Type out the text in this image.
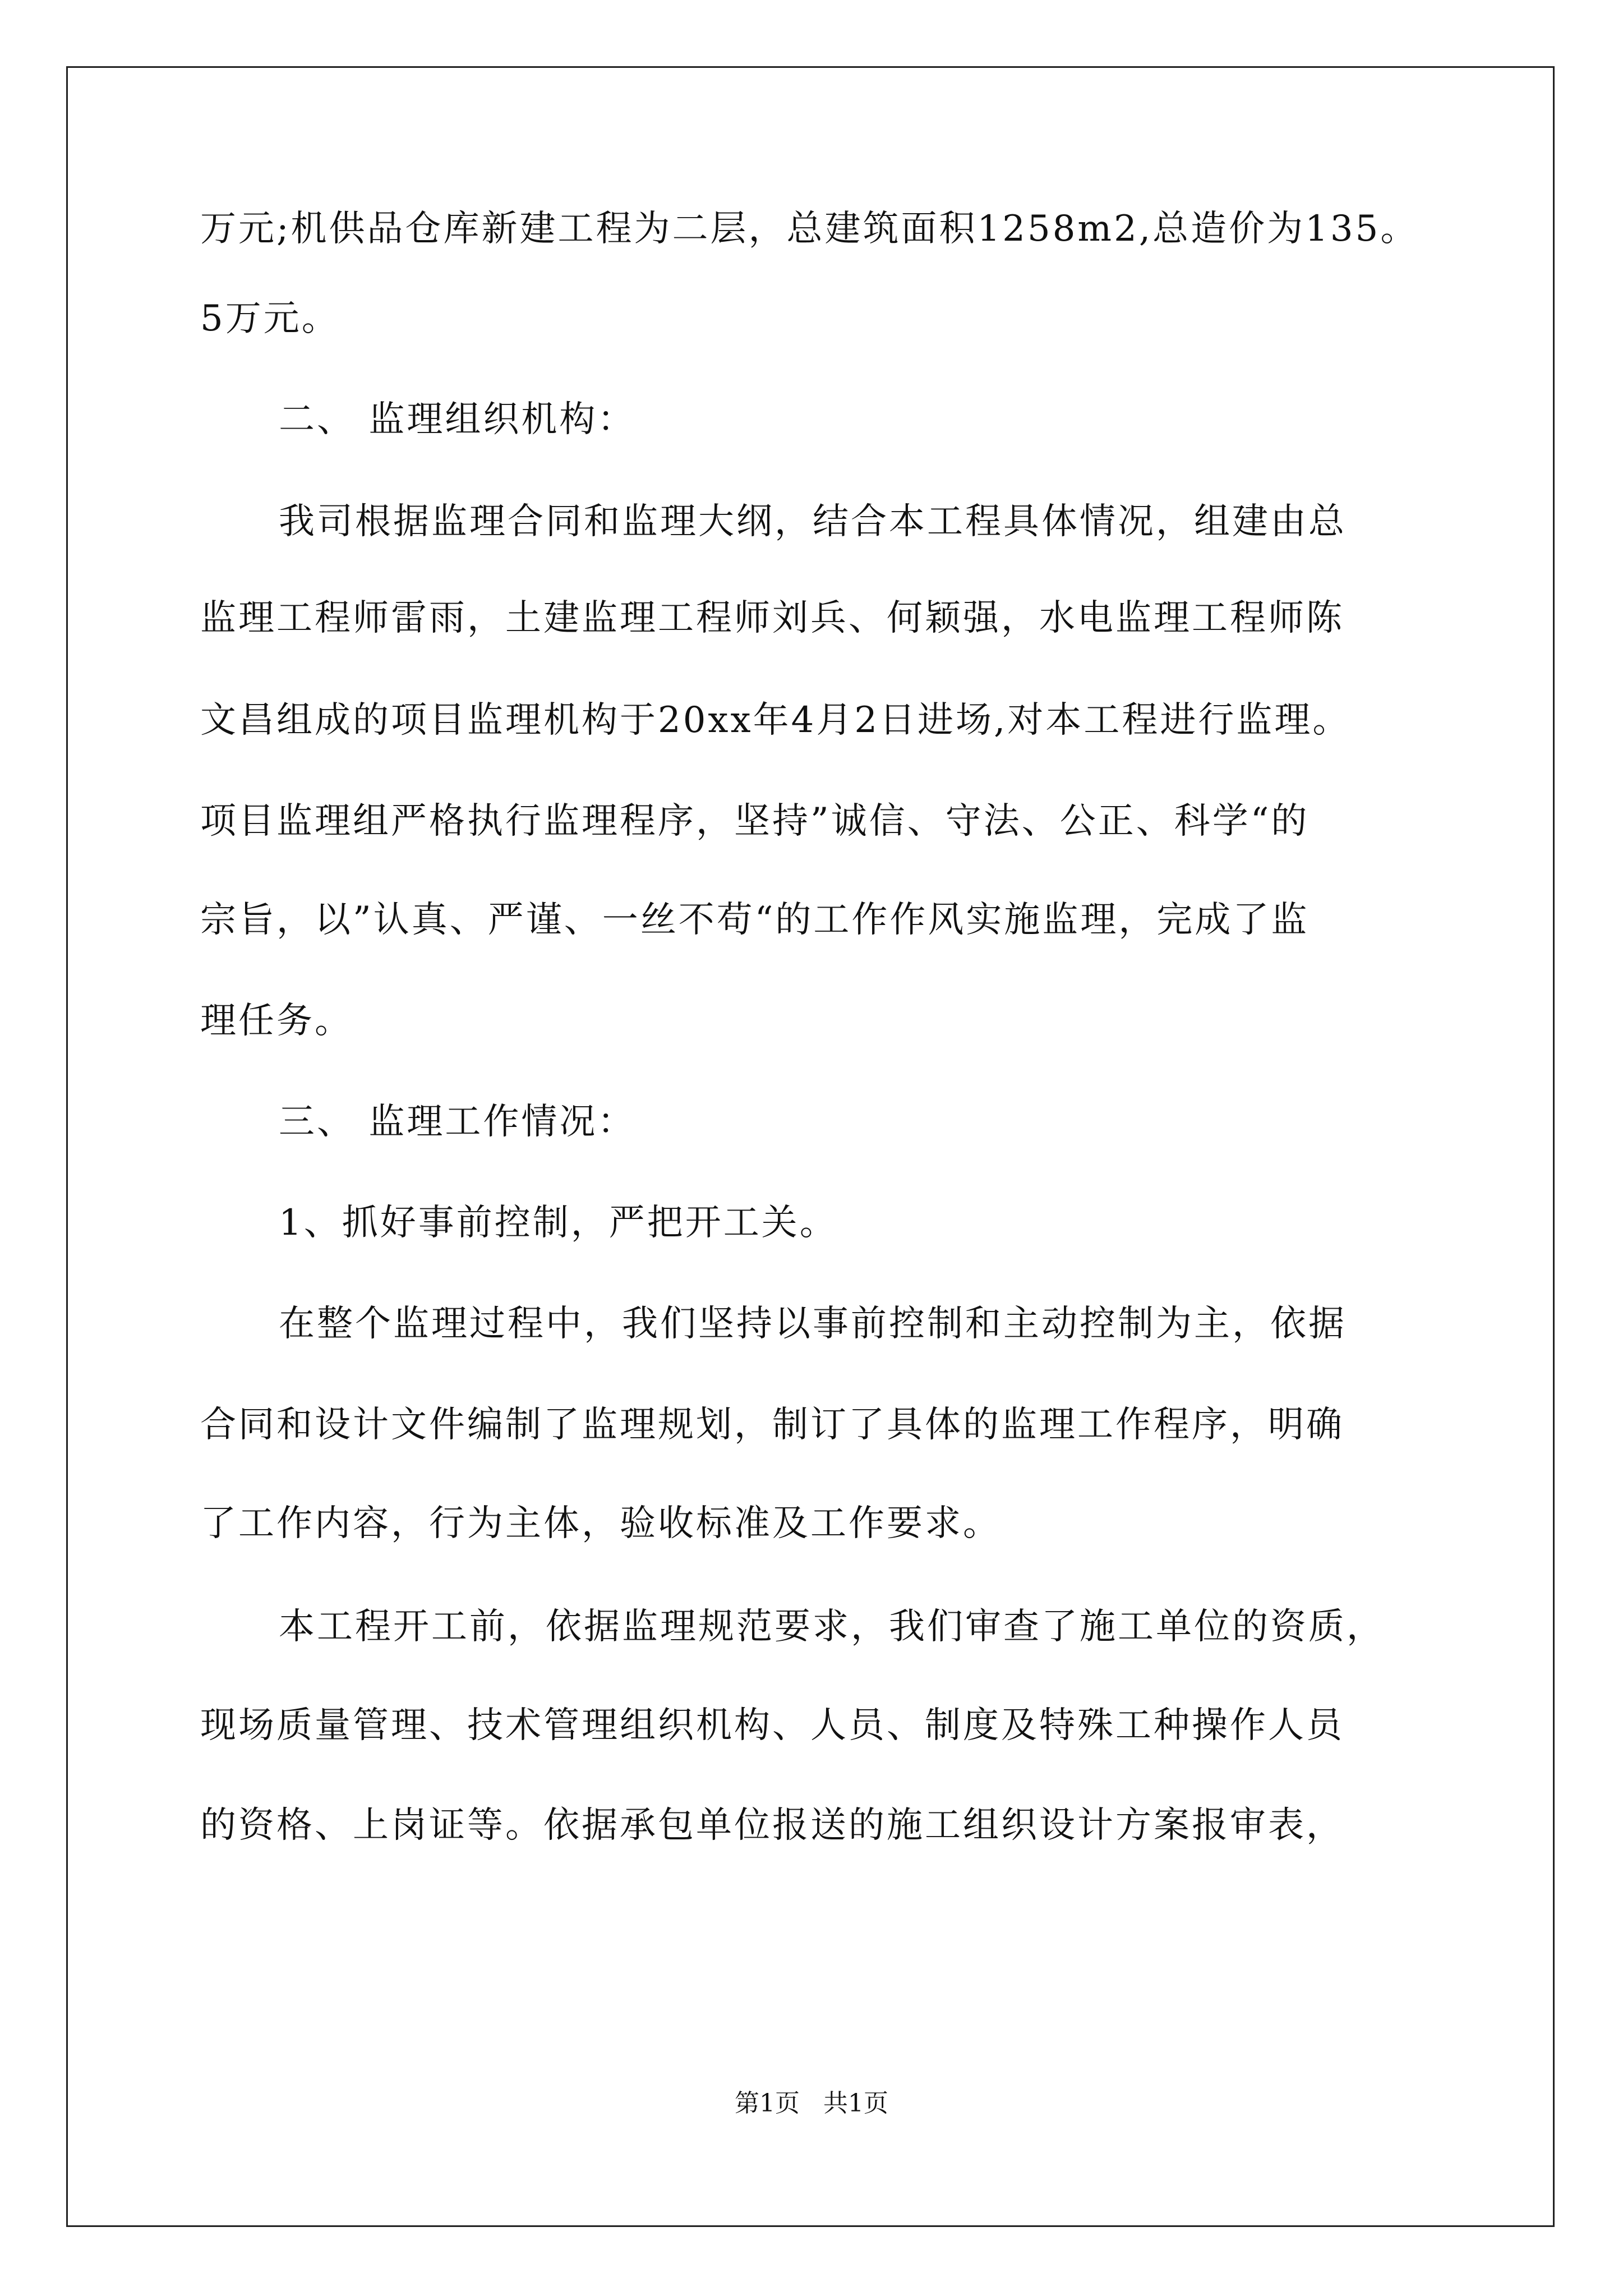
万元;机供品仓库新建工程为二层，总建筑面积1258m2,总造价为135。
5万元。
二、 监理组织机构：
我司根据监理合同和监理大纲，结合本工程具体情况，组建由总
监理工程师雷雨，土建监理工程师刘兵、何颖强，水电监理工程师陈
文昌组成的项目监理机构于20xx年4月2日进场,对本工程进行监理。
项目监理组严格执行监理程序，坚持”诚信、守法、公正、科学“的
宗旨，以”认真、严谨、一丝不苟“的工作作风实施监理，完成了监
理任务。
三、 监理工作情况：
1、抓好事前控制，严把开工关。
在整个监理过程中，我们坚持以事前控制和主动控制为主，依据
合同和设计文件编制了监理规划，制订了具体的监理工作程序，明确
了工作内容，行为主体，验收标准及工作要求。
本工程开工前，依据监理规范要求，我们审查了施工单位的资质，
现场质量管理、技术管理组织机构、人员、制度及特殊工种操作人员
的资格、上岗证等。依据承包单位报送的施工组织设计方案报审表，
第1页   共1页
